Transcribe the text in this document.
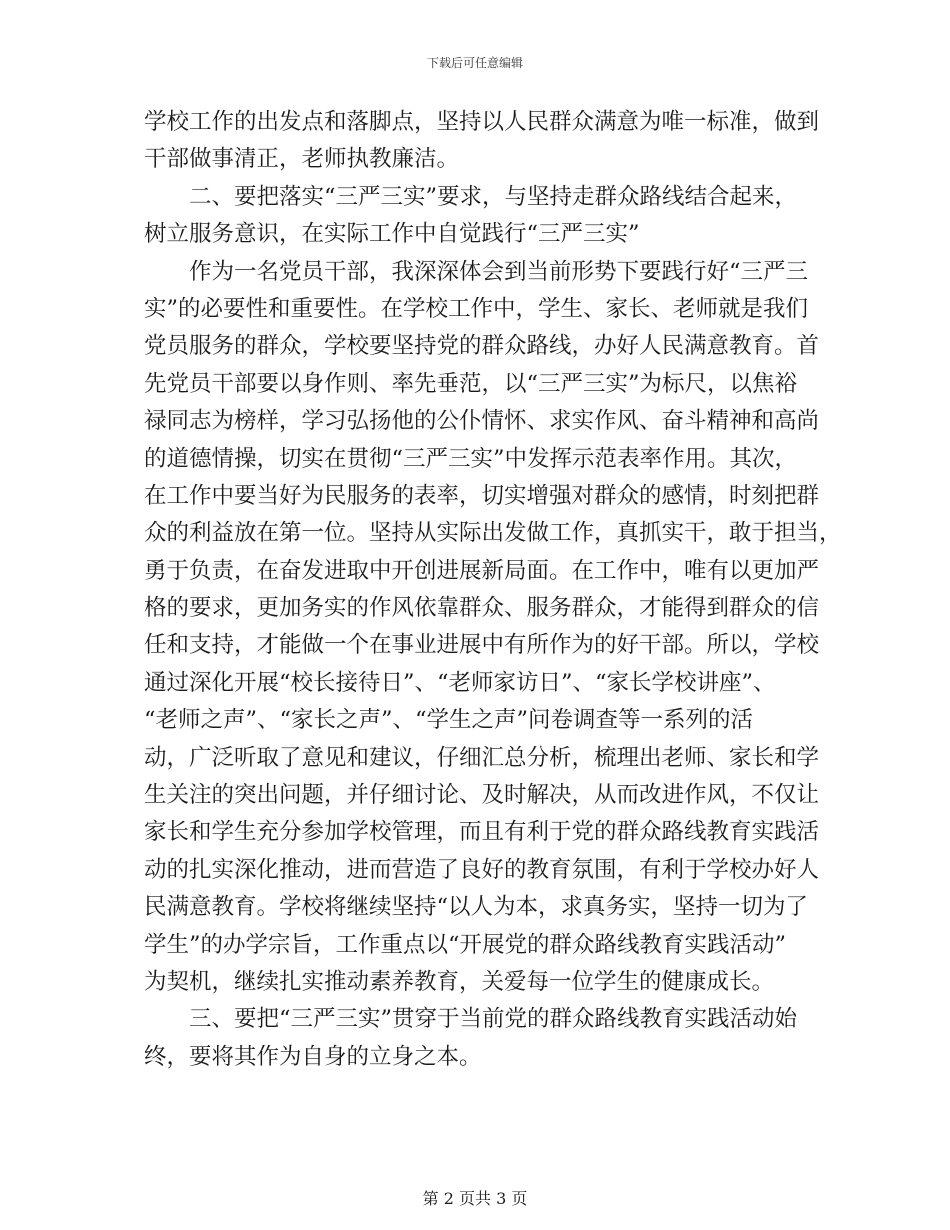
下载后可任意编辑
学校工作的出发点和落脚点，坚持以人民群众满意为唯一标准，做到
干部做事清正，老师执教廉洁。
二、要把落实“三严三实”要求，与坚持走群众路线结合起来，
树立服务意识，在实际工作中自觉践行“三严三实”
作为一名党员干部，我深深体会到当前形势下要践行好“三严三
实”的必要性和重要性。在学校工作中，学生、家长、老师就是我们
党员服务的群众，学校要坚持党的群众路线，办好人民满意教育。首
先党员干部要以身作则、率先垂范，以“三严三实”为标尺，以焦裕
禄同志为榜样，学习弘扬他的公仆情怀、求实作风、奋斗精神和高尚
的道德情操，切实在贯彻“三严三实”中发挥示范表率作用。其次，
在工作中要当好为民服务的表率，切实增强对群众的感情，时刻把群
众的利益放在第一位。坚持从实际出发做工作，真抓实干，敢于担当，
勇于负责，在奋发进取中开创进展新局面。在工作中，唯有以更加严
格的要求，更加务实的作风依靠群众、服务群众，才能得到群众的信
任和支持，才能做一个在事业进展中有所作为的好干部。所以，学校
通过深化开展“校长接待日”、“老师家访日”、“家长学校讲座”、
“老师之声”、“家长之声”、“学生之声”问卷调查等一系列的活
动，广泛听取了意见和建议，仔细汇总分析，梳理出老师、家长和学
生关注的突出问题，并仔细讨论、及时解决，从而改进作风，不仅让
家长和学生充分参加学校管理，而且有利于党的群众路线教育实践活
动的扎实深化推动，进而营造了良好的教育氛围，有利于学校办好人
民满意教育。学校将继续坚持“以人为本，求真务实，坚持一切为了
学生”的办学宗旨，工作重点以“开展党的群众路线教育实践活动”
为契机，继续扎实推动素养教育，关爱每一位学生的健康成长。
三、要把“三严三实”贯穿于当前党的群众路线教育实践活动始
终，要将其作为自身的立身之本。
第 2 页共 3 页
